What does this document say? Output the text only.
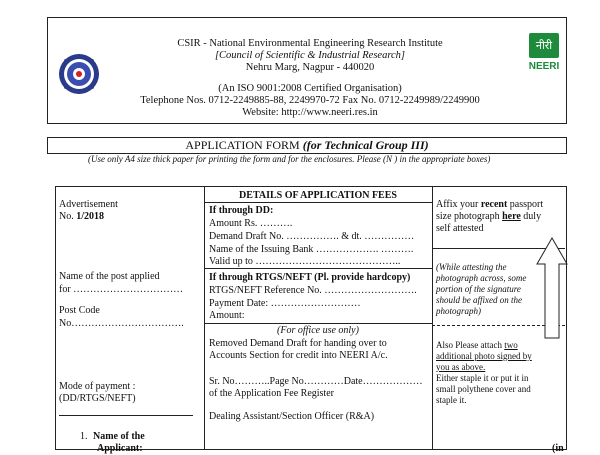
नीरी
NEERI
CSIR - National Environmental Engineering Research Institute
[Council of Scientific & Industrial Research]
Nehru Marg, Nagpur - 440020
(An ISO 9001:2008 Certified Organisation)
Telephone Nos. 0712-2249885-88, 2249970-72 Fax No. 0712-2249989/2249900
Website: http://www.neeri.res.in
APPLICATION FORM (for Technical Group III)
(Use only A4 size thick paper for printing the form and for the enclosures. Please (N ) in the appropriate boxes)
Advertisement
No. 1/2018
Name of the post applied
for ……………………………
Post Code
No…………………………….
Mode of payment :
(DD/RTGS/NEFT)
DETAILS OF APPLICATION FEES
If through DD:
Amount Rs. ……….
Demand Draft No. ……………. & dt. ……………
Name of the Issuing Bank ………………. ……….
Valid up to ……………………………………..
If through RTGS/NEFT (Pl. provide hardcopy)
RTGS/NEFT Reference No. ……………………….
Payment Date: ………………………
Amount:
(For office use only)
Removed Demand Draft for handing over to
Accounts Section for credit into NEERI A/c.
Sr. No………..Page No…………Date………………
of the Application Fee Register
Dealing Assistant/Section Officer (R&A)
Affix your recent passport
size photograph here duly
self attested
(While attesting the
photograph across, some
portion of the signature
should be affixed on the
photograph)
Also Please attach two
additional photo signed by
you as above.
Either staple it or put it in
small polythene cover and
staple it.
1. Name of the
Applicant:	(in
